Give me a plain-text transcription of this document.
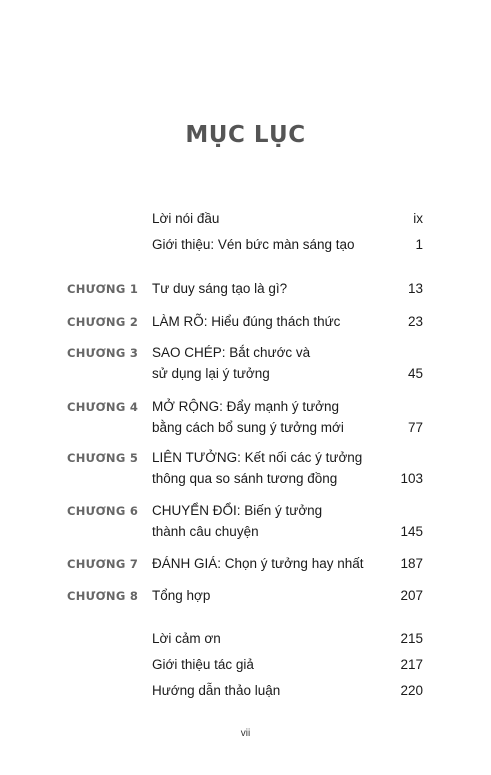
MỤC LỤC
Lời nói đầu	ix
Giới thiệu: Vén bức màn sáng tạo	1
CHƯƠNG 1	Tư duy sáng tạo là gì?	13
CHƯƠNG 2	LÀM RÕ: Hiểu đúng thách thức	23
CHƯƠNG 3	SAO CHÉP: Bắt chước và
sử dụng lại ý tưởng	45
CHƯƠNG 4	MỞ RỘNG: Đẩy mạnh ý tưởng
bằng cách bổ sung ý tưởng mới	77
CHƯƠNG 5	LIÊN TƯỞNG: Kết nối các ý tưởng
thông qua so sánh tương đồng	103
CHƯƠNG 6	CHUYỂN ĐỔI: Biến ý tưởng
thành câu chuyện	145
CHƯƠNG 7	ĐÁNH GIÁ: Chọn ý tưởng hay nhất	187
CHƯƠNG 8	Tổng hợp	207
Lời cảm ơn	215
Giới thiệu tác giả	217
Hướng dẫn thảo luận	220
vii
